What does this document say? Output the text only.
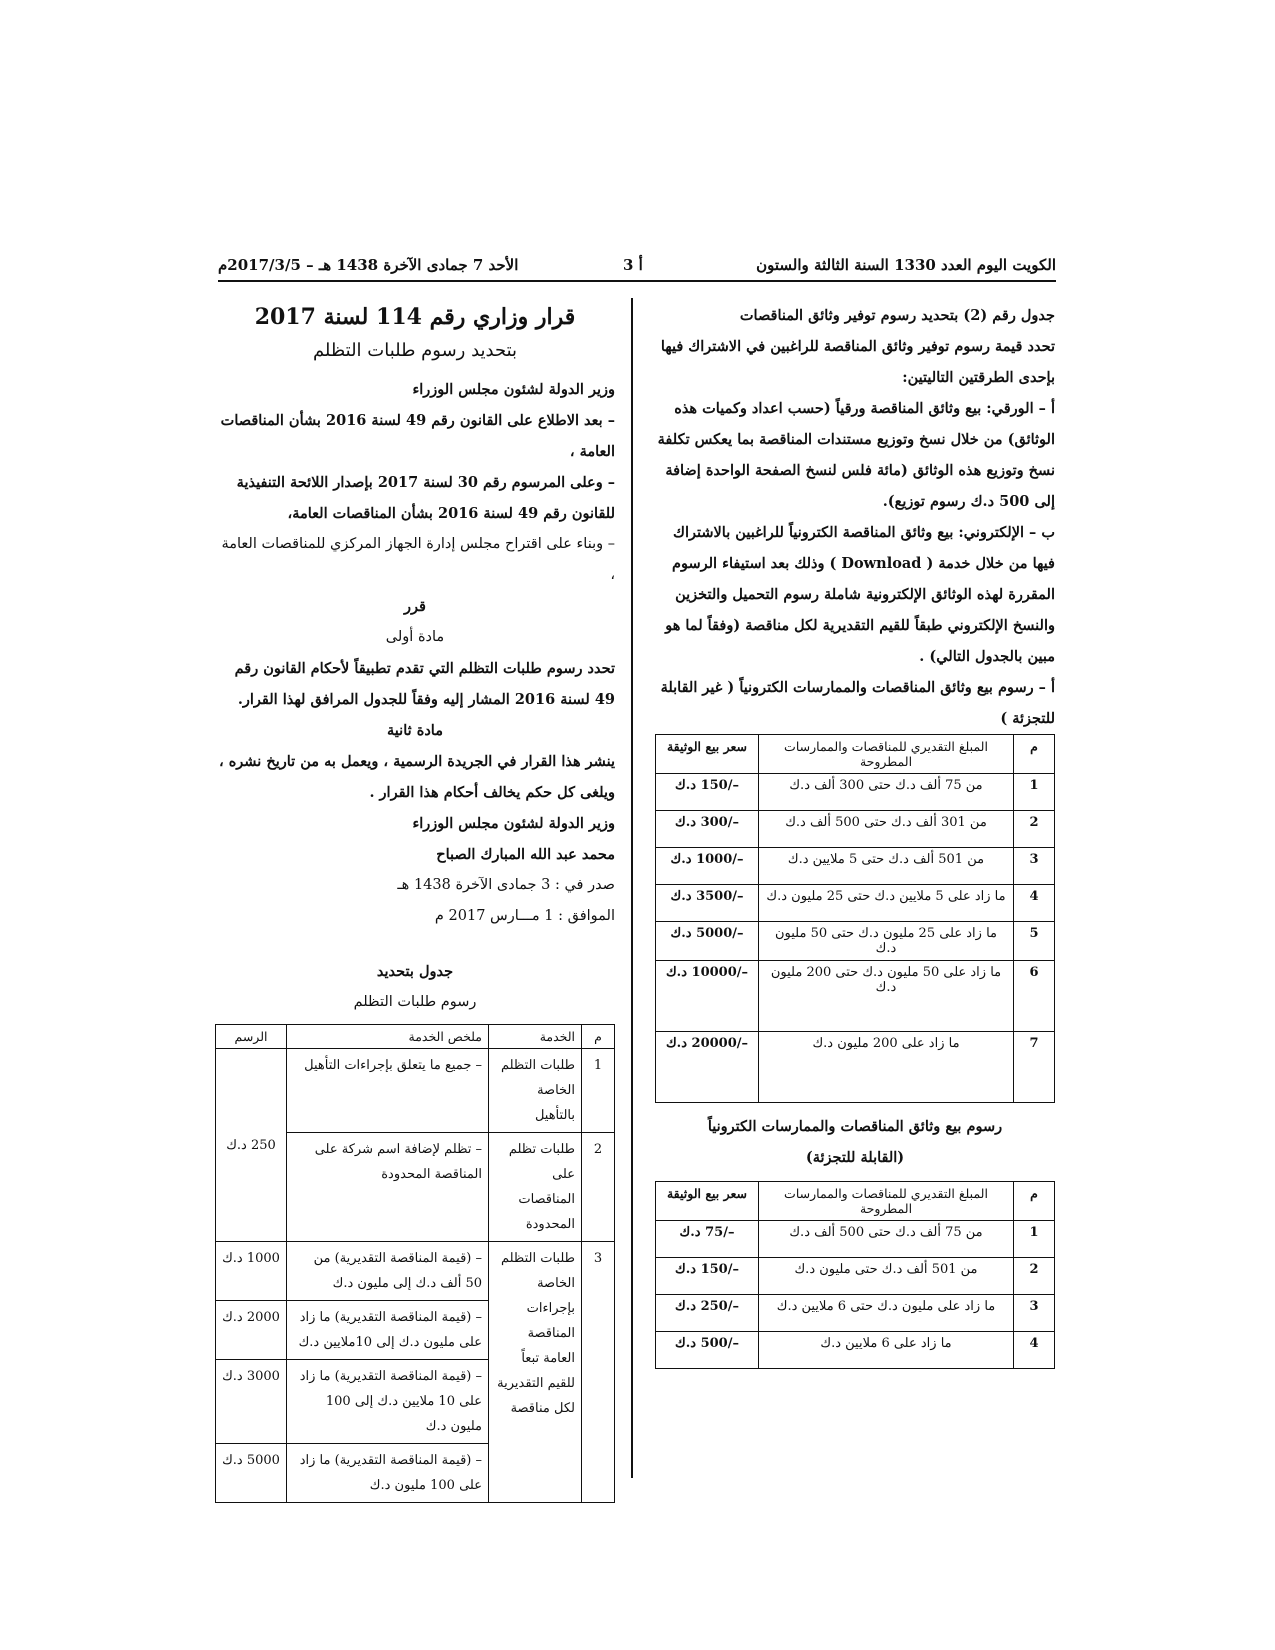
الكويت اليوم العدد 1330 السنة الثالثة والستون
أ 3
الأحد 7 جمادى الآخرة 1438 هـ – 2017/3/5م

جدول رقم (2) بتحديد رسوم توفير وثائق المناقصات

تحدد قيمة رسوم توفير وثائق المناقصة للراغبين في الاشتراك فيها بإحدى الطرقتين التاليتين:

أ – الورقي: بيع وثائق المناقصة ورقياً (حسب اعداد وكميات هذه الوثائق) من خلال نسخ وتوزيع مستندات المناقصة بما يعكس تكلفة نسخ وتوزيع هذه الوثائق (مائة فلس لنسخ الصفحة الواحدة إضافة إلى 500 د.ك رسوم توزيع).

ب – الإلكتروني: بيع وثائق المناقصة الكترونياً للراغبين بالاشتراك فيها من خلال خدمة ( Download ) وذلك بعد استيفاء الرسوم المقررة لهذه الوثائق الإلكترونية شاملة رسوم التحميل والتخزين والنسخ الإلكتروني طبقاً للقيم التقديرية لكل مناقصة (وفقاً لما هو مبين بالجدول التالي) .

أ – رسوم بيع وثائق المناقصات والممارسات الكترونياً ( غير القابلة للتجزئة )

م	المبلغ التقديري للمناقصات والممارسات المطروحة	سعر بيع الوثيقة
1	من 75 ألف د.ك حتى 300 ألف د.ك	–/150 د.ك
2	من 301 ألف د.ك حتى 500 ألف د.ك	–/300 د.ك
3	من 501 ألف د.ك حتى 5 ملايين د.ك	–/1000 د.ك
4	ما زاد على 5 ملايين د.ك حتى 25 مليون د.ك	–/3500 د.ك
5	ما زاد على 25 مليون د.ك حتى 50 مليون د.ك	–/5000 د.ك
6	ما زاد على 50 مليون د.ك حتى 200 مليون د.ك	–/10000 د.ك
7	ما زاد على 200 مليون د.ك	–/20000 د.ك

رسوم بيع وثائق المناقصات والممارسات الكترونياً

(القابلة للتجزئة)

م	المبلغ التقديري للمناقصات والممارسات المطروحة	سعر بيع الوثيقة
1	من 75 ألف د.ك حتى 500 ألف د.ك	–/75 د.ك
2	من 501 ألف د.ك حتى مليون د.ك	–/150 د.ك
3	ما زاد على مليون د.ك حتى 6 ملايين د.ك	–/250 د.ك
4	ما زاد على 6 ملايين د.ك	–/500 د.ك

قرار وزاري رقم 114 لسنة 2017

بتحديد رسوم طلبات التظلم

وزير الدولة لشئون مجلس الوزراء

– بعد الاطلاع على القانون رقم 49 لسنة 2016 بشأن المناقصات العامة ،

– وعلى المرسوم رقم 30 لسنة 2017 بإصدار اللائحة التنفيذية للقانون رقم 49 لسنة 2016 بشأن المناقصات العامة،

– وبناء على اقتراح مجلس إدارة الجهاز المركزي للمناقصات العامة ،

قرر

مادة أولى

تحدد رسوم طلبات التظلم التي تقدم تطبيقاً لأحكام القانون رقم 49 لسنة 2016 المشار إليه وفقاً للجدول المرافق لهذا القرار.

مادة ثانية

ينشر هذا القرار في الجريدة الرسمية ، ويعمل به من تاريخ نشره ، ويلغى كل حكم يخالف أحكام هذا القرار .

وزير الدولة لشئون مجلس الوزراء

محمد عبد الله المبارك الصباح

صدر في : 3 جمادى الآخرة 1438 هـ

الموافق : 1 مـــارس 2017 م

جدول بتحديد

رسوم طلبات التظلم

م	الخدمة	ملخص الخدمة	الرسم
1	طلبات التظلم الخاصة بالتأهيل	– جميع ما يتعلق بإجراءات التأهيل	250 د.ك
2	طلبات تظلم على المناقصات المحدودة	– تظلم لإضافة اسم شركة على المناقصة المحدودة	
3	طلبات التظلم الخاصة بإجراءات المناقصة العامة تبعاً للقيم التقديرية لكل مناقصة	– (قيمة المناقصة التقديرية) من 50 ألف د.ك إلى مليون د.ك	1000 د.ك
		– (قيمة المناقصة التقديرية) ما زاد على مليون د.ك إلى 10ملايين د.ك	2000 د.ك
		– (قيمة المناقصة التقديرية) ما زاد على 10 ملايين د.ك إلى 100 مليون د.ك	3000 د.ك
		– (قيمة المناقصة التقديرية) ما زاد على 100 مليون د.ك	5000 د.ك
